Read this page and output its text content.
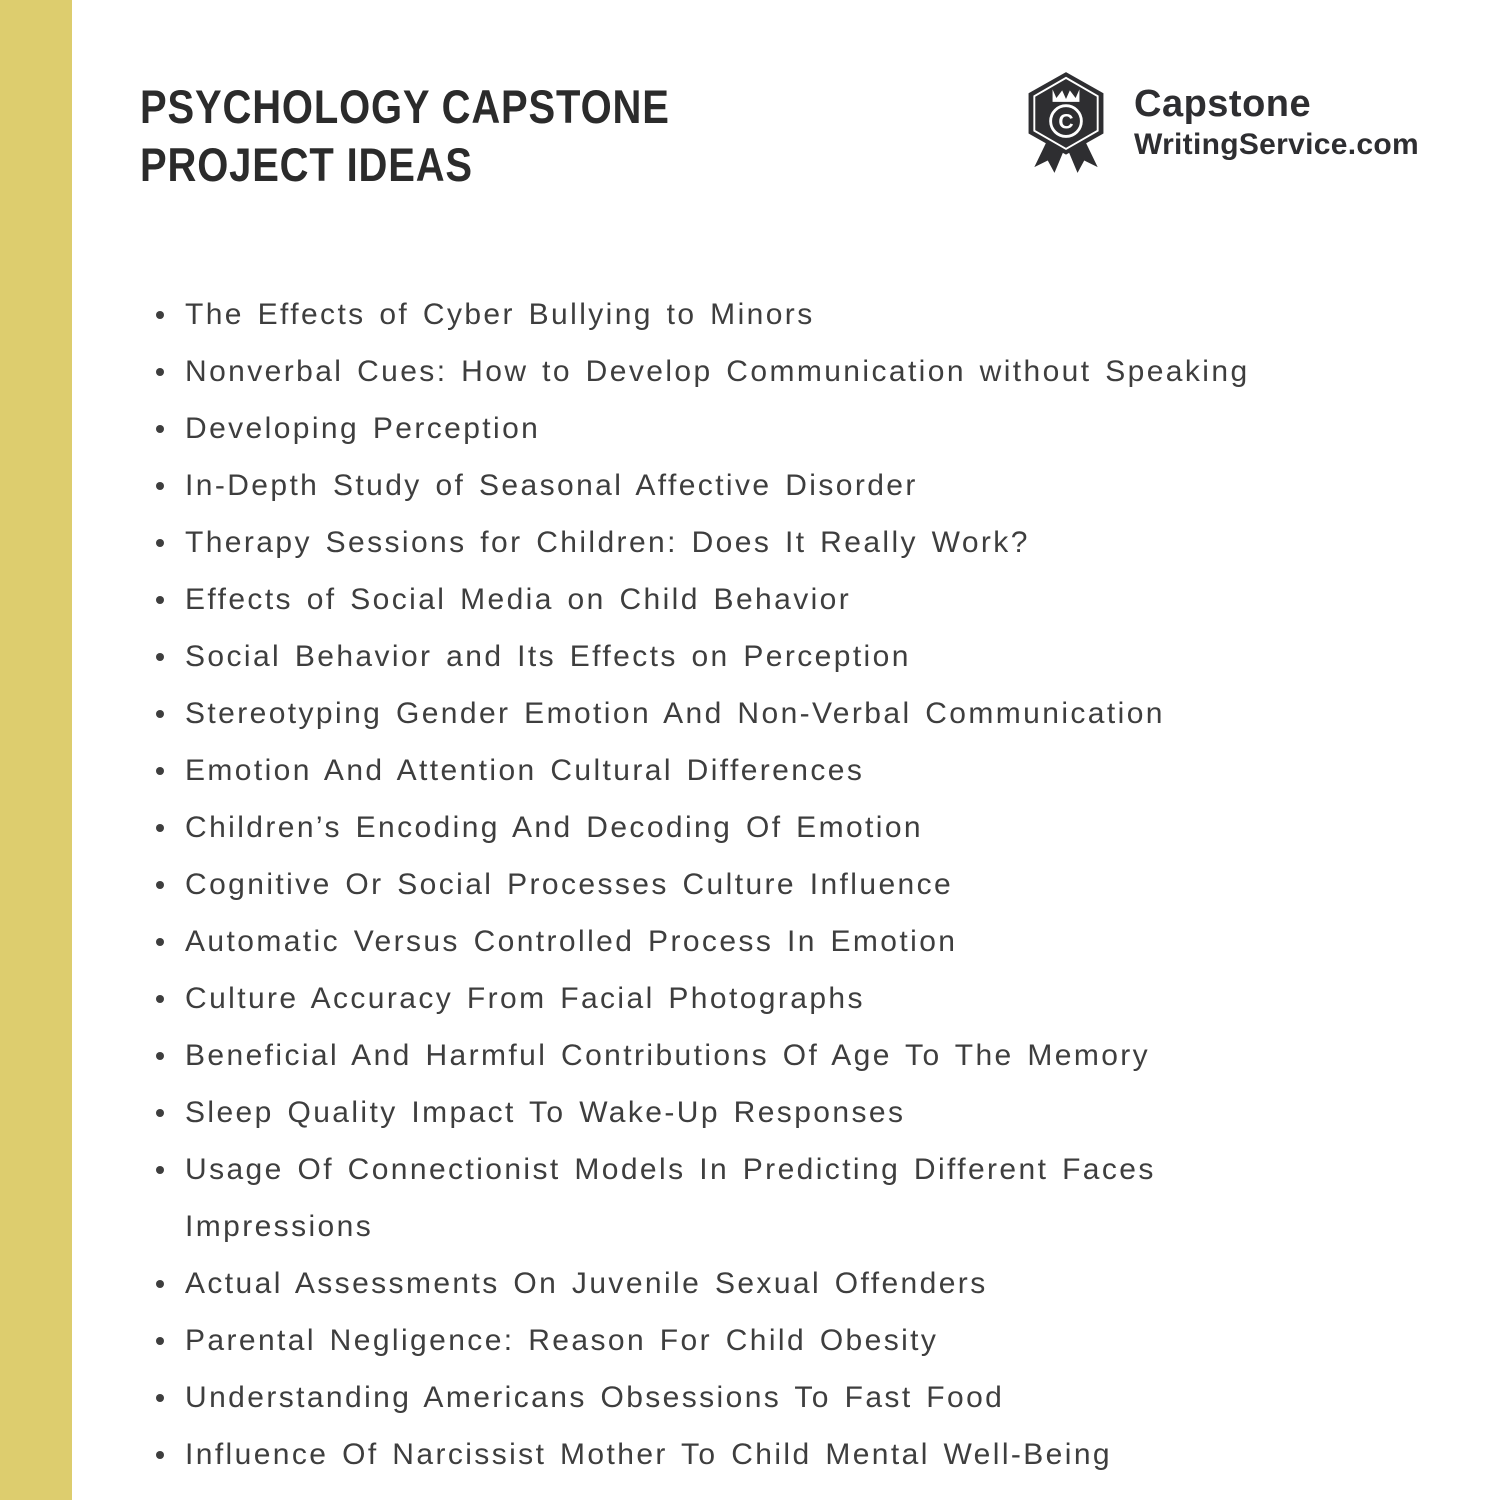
PSYCHOLOGY CAPSTONE
PROJECT IDEAS
C Capstone
WritingService.com
The Effects of Cyber Bullying to Minors
Nonverbal Cues: How to Develop Communication without Speaking
Developing Perception
In-Depth Study of Seasonal Affective Disorder
Therapy Sessions for Children: Does It Really Work?
Effects of Social Media on Child Behavior
Social Behavior and Its Effects on Perception
Stereotyping Gender Emotion And Non-Verbal Communication
Emotion And Attention Cultural Differences
Children’s Encoding And Decoding Of Emotion
Cognitive Or Social Processes Culture Influence
Automatic Versus Controlled Process In Emotion
Culture Accuracy From Facial Photographs
Beneficial And Harmful Contributions Of Age To The Memory
Sleep Quality Impact To Wake-Up Responses
Usage Of Connectionist Models In Predicting Different Faces Impressions
Actual Assessments On Juvenile Sexual Offenders
Parental Negligence: Reason For Child Obesity
Understanding Americans Obsessions To Fast Food
Influence Of Narcissist Mother To Child Mental Well-Being
